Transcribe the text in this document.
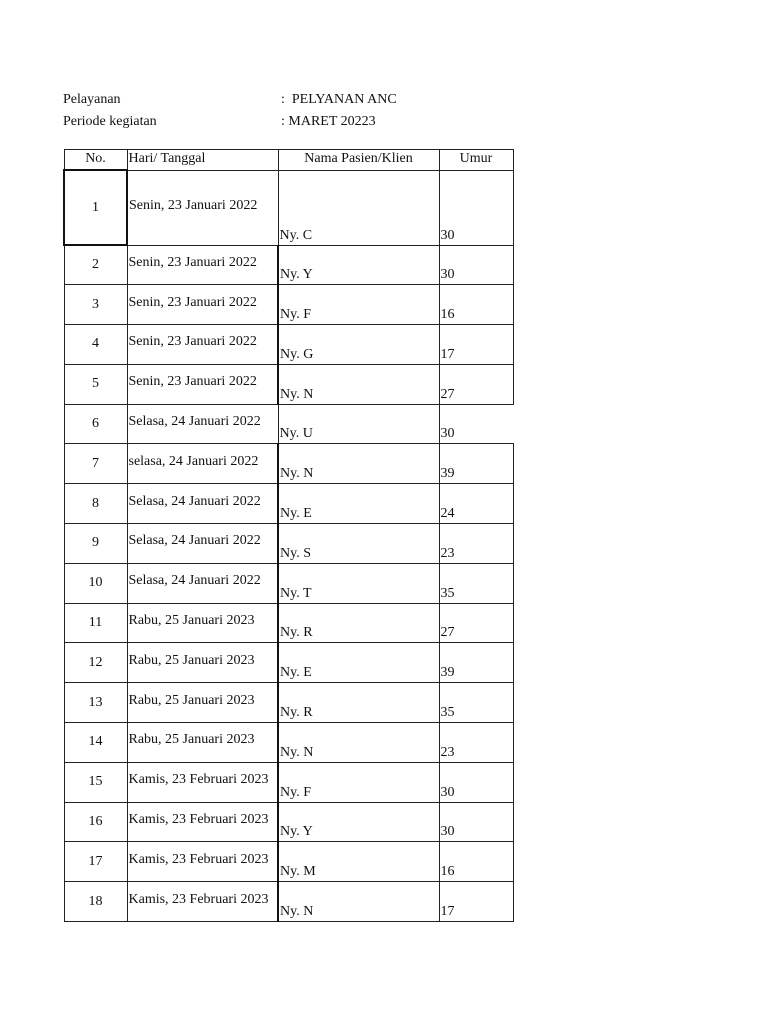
Pelayanan	:  PELYANAN ANC
Periode kegiatan	: MARET 20223
No.	Hari/ Tanggal	Nama Pasien/Klien	Umur
1	Senin, 23 Januari 2022	Ny. C	30
2	Senin, 23 Januari 2022	Ny. Y	30
3	Senin, 23 Januari 2022	Ny. F	16
4	Senin, 23 Januari 2022	Ny. G	17
5	Senin, 23 Januari 2022	Ny. N	27
6	Selasa, 24 Januari 2022	Ny. U	30
7	selasa, 24 Januari 2022	Ny. N	39
8	Selasa, 24 Januari 2022	Ny. E	24
9	Selasa, 24 Januari 2022	Ny. S	23
10	Selasa, 24 Januari 2022	Ny. T	35
11	Rabu, 25 Januari 2023	Ny. R	27
12	Rabu, 25 Januari 2023	Ny. E	39
13	Rabu, 25 Januari 2023	Ny. R	35
14	Rabu, 25 Januari 2023	Ny. N	23
15	Kamis, 23 Februari 2023	Ny. F	30
16	Kamis, 23 Februari 2023	Ny. Y	30
17	Kamis, 23 Februari 2023	Ny. M	16
18	Kamis, 23 Februari 2023	Ny. N	17
